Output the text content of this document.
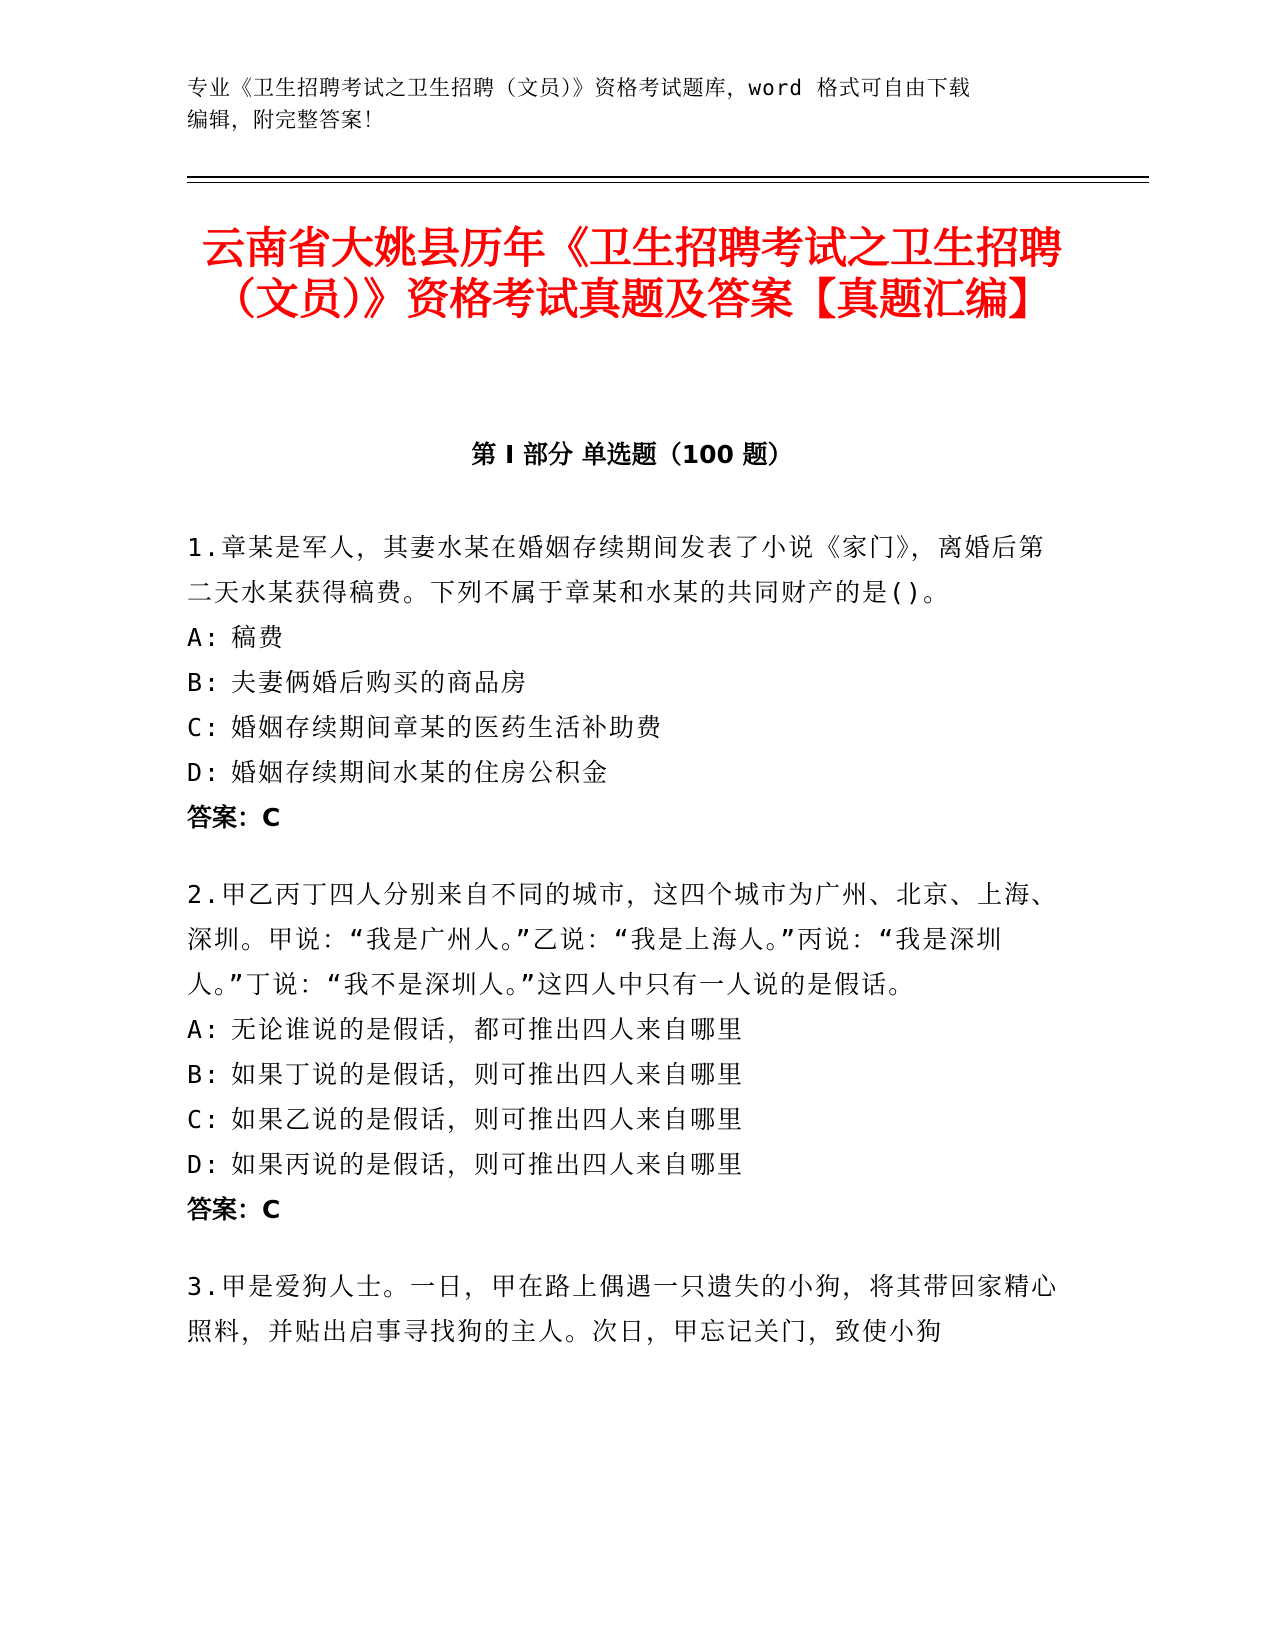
专业《卫生招聘考试之卫生招聘（文员）》资格考试题库，word 格式可自由下载
编辑，附完整答案！
云南省大姚县历年《卫生招聘考试之卫生招聘（文员）》资格考试真题及答案【真题汇编】
第 I 部分 单选题（100 题）
1.章某是军人，其妻水某在婚姻存续期间发表了小说《家门》，离婚后第二天水某获得稿费。下列不属于章某和水某的共同财产的是()。
A: 稿费
B: 夫妻俩婚后购买的商品房
C: 婚姻存续期间章某的医药生活补助费
D: 婚姻存续期间水某的住房公积金
答案：C
2.甲乙丙丁四人分别来自不同的城市，这四个城市为广州、北京、上海、深圳。甲说：“我是广州人。”乙说：“我是上海人。”丙说：“我是深圳人。”丁说：“我不是深圳人。”这四人中只有一人说的是假话。
A: 无论谁说的是假话，都可推出四人来自哪里
B: 如果丁说的是假话，则可推出四人来自哪里
C: 如果乙说的是假话，则可推出四人来自哪里
D: 如果丙说的是假话，则可推出四人来自哪里
答案：C
3.甲是爱狗人士。一日，甲在路上偶遇一只遗失的小狗，将其带回家精心照料，并贴出启事寻找狗的主人。次日，甲忘记关门，致使小狗
